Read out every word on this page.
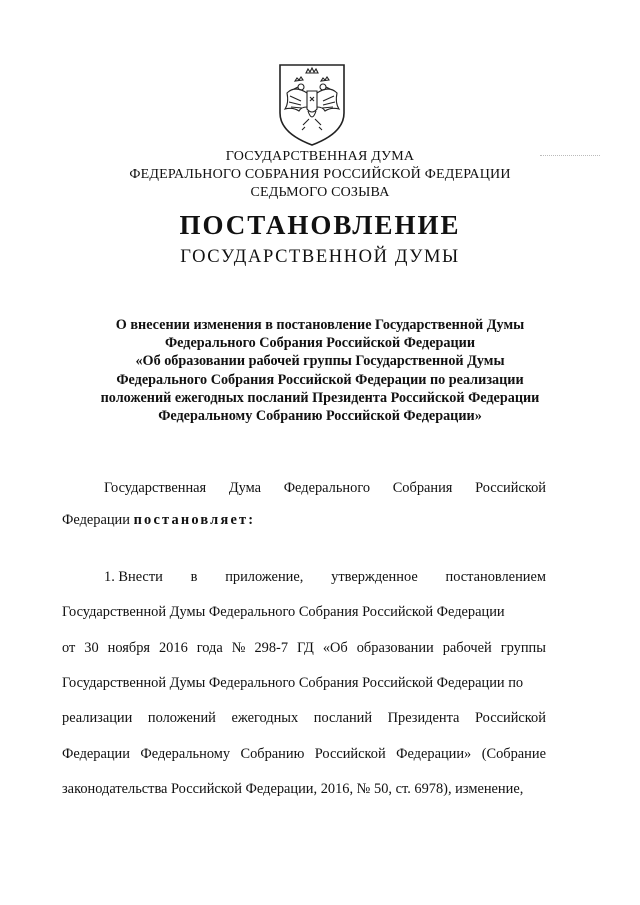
ГОСУДАРСТВЕННАЯ ДУМА
ФЕДЕРАЛЬНОГО СОБРАНИЯ РОССИЙСКОЙ ФЕДЕРАЦИИ
СЕДЬМОГО СОЗЫВА
ПОСТАНОВЛЕНИЕ
ГОСУДАРСТВЕННОЙ ДУМЫ
О внесении изменения в постановление Государственной Думы
Федерального Собрания Российской Федерации
«Об образовании рабочей группы Государственной Думы
Федерального Собрания Российской Федерации по реализации
положений ежегодных посланий Президента Российской Федерации
Федеральному Собранию Российской Федерации»
Государственная Дума Федерального Собрания Российской
Федерации постановляет:
1. Внести в приложение, утвержденное постановлением
Государственной Думы Федерального Собрания Российской Федерации
от 30 ноября 2016 года № 298-7 ГД «Об образовании рабочей группы
Государственной Думы Федерального Собрания Российской Федерации по
реализации положений ежегодных посланий Президента Российской
Федерации Федеральному Собранию Российской Федерации» (Собрание
законодательства Российской Федерации, 2016, № 50, ст. 6978), изменение,
